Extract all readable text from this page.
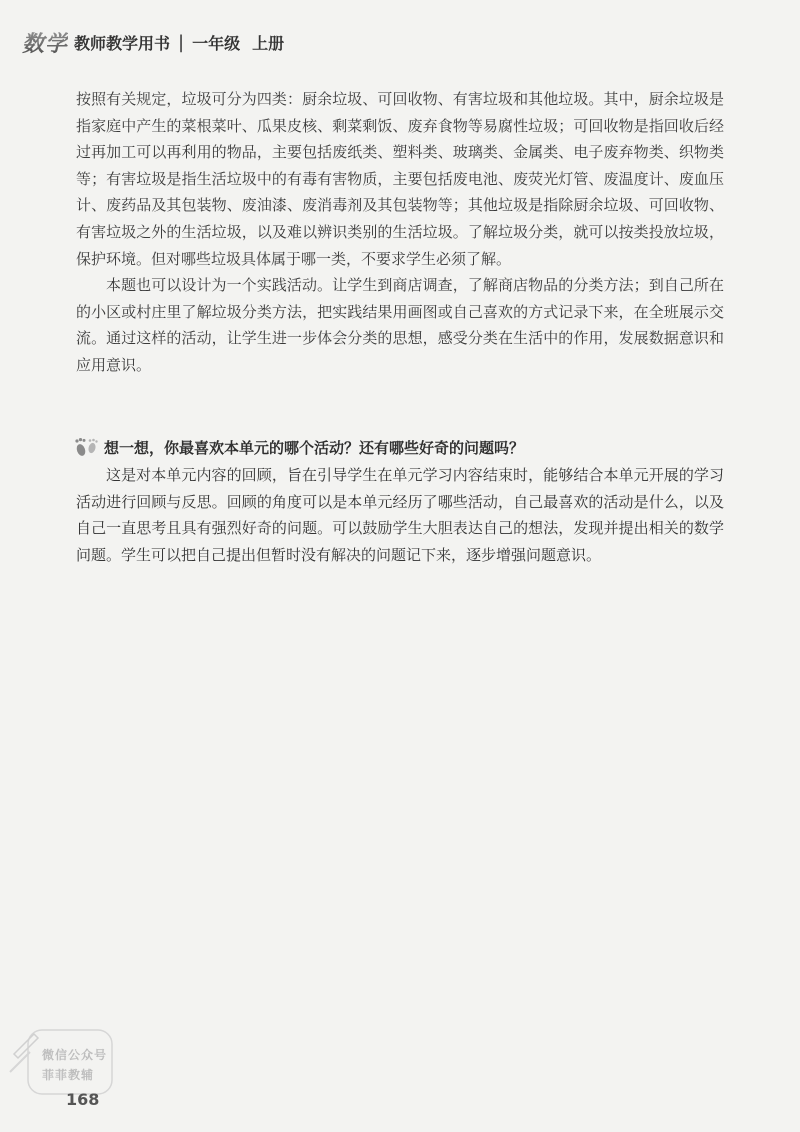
数学 教师教学用书 | 一年级 上册

按照有关规定，垃圾可分为四类：厨余垃圾、可回收物、有害垃圾和其他垃圾。其中，厨余垃圾是指家庭中产生的菜根菜叶、瓜果皮核、剩菜剩饭、废弃食物等易腐性垃圾；可回收物是指回收后经过再加工可以再利用的物品，主要包括废纸类、塑料类、玻璃类、金属类、电子废弃物类、织物类等；有害垃圾是指生活垃圾中的有毒有害物质，主要包括废电池、废荧光灯管、废温度计、废血压计、废药品及其包装物、废油漆、废消毒剂及其包装物等；其他垃圾是指除厨余垃圾、可回收物、有害垃圾之外的生活垃圾，以及难以辨识类别的生活垃圾。了解垃圾分类，就可以按类投放垃圾，保护环境。但对哪些垃圾具体属于哪一类，不要求学生必须了解。

本题也可以设计为一个实践活动。让学生到商店调查，了解商店物品的分类方法；到自己所在的小区或村庄里了解垃圾分类方法，把实践结果用画图或自己喜欢的方式记录下来，在全班展示交流。通过这样的活动，让学生进一步体会分类的思想，感受分类在生活中的作用，发展数据意识和应用意识。

想一想，你最喜欢本单元的哪个活动？还有哪些好奇的问题吗？

这是对本单元内容的回顾，旨在引导学生在单元学习内容结束时，能够结合本单元开展的学习活动进行回顾与反思。回顾的角度可以是本单元经历了哪些活动，自己最喜欢的活动是什么，以及自己一直思考且具有强烈好奇的问题。可以鼓励学生大胆表达自己的想法，发现并提出相关的数学问题。学生可以把自己提出但暂时没有解决的问题记下来，逐步增强问题意识。

微信公众号
菲菲教辅
168
